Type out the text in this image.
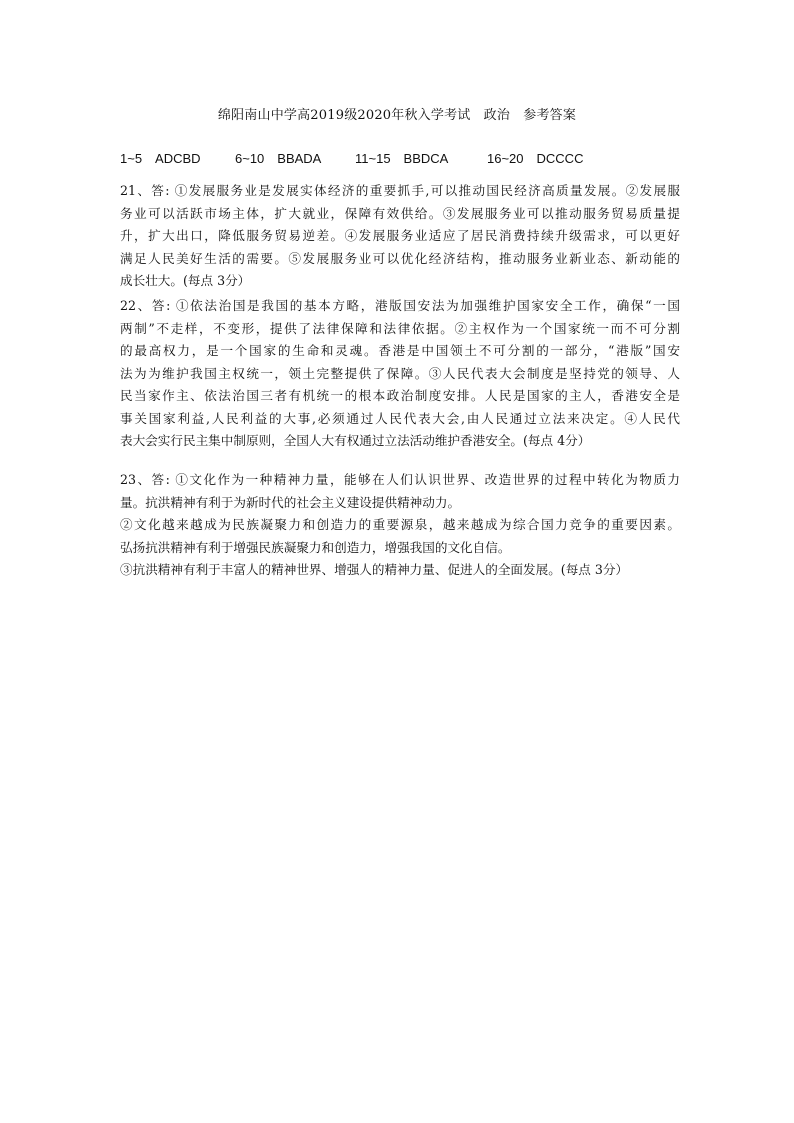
绵阳南山中学高2019级2020年秋入学考试　政治　参考答案
1~5　ADCBD	6~10　BBADA	11~15　BBDCA	16~20　DCCCC
21、答: ①发展服务业是发展实体经济的重要抓手,可以推动国民经济高质量发展。②发展服
务业可以活跃市场主体，扩大就业，保障有效供给。③发展服务业可以推动服务贸易质量提
升，扩大出口，降低服务贸易逆差。④发展服务业适应了居民消费持续升级需求，可以更好
满足人民美好生活的需要。⑤发展服务业可以优化经济结构，推动服务业新业态、新动能的
成长壮大。(每点 3分）
22、答: ①依法治国是我国的基本方略，港版国安法为加强维护国家安全工作，确保“一国
两制”不走样，不变形，提供了法律保障和法律依据。②主权作为一个国家统一而不可分割
的最高权力，是一个国家的生命和灵魂。香港是中国领土不可分割的一部分，“港版”国安
法为为维护我国主权统一，领土完整提供了保障。③人民代表大会制度是坚持党的领导、人
民当家作主、依法治国三者有机统一的根本政治制度安排。人民是国家的主人，香港安全是
事关国家利益,人民利益的大事,必须通过人民代表大会,由人民通过立法来决定。④人民代
表大会实行民主集中制原则，全国人大有权通过立法活动维护香港安全。(每点 4分）
23、答: ①文化作为一种精神力量，能够在人们认识世界、改造世界的过程中转化为物质力
量。抗洪精神有利于为新时代的社会主义建设提供精神动力。
②文化越来越成为民族凝聚力和创造力的重要源泉，越来越成为综合国力竞争的重要因素。
弘扬抗洪精神有利于增强民族凝聚力和创造力，增强我国的文化自信。
③抗洪精神有利于丰富人的精神世界、增强人的精神力量、促进人的全面发展。(每点 3分）
